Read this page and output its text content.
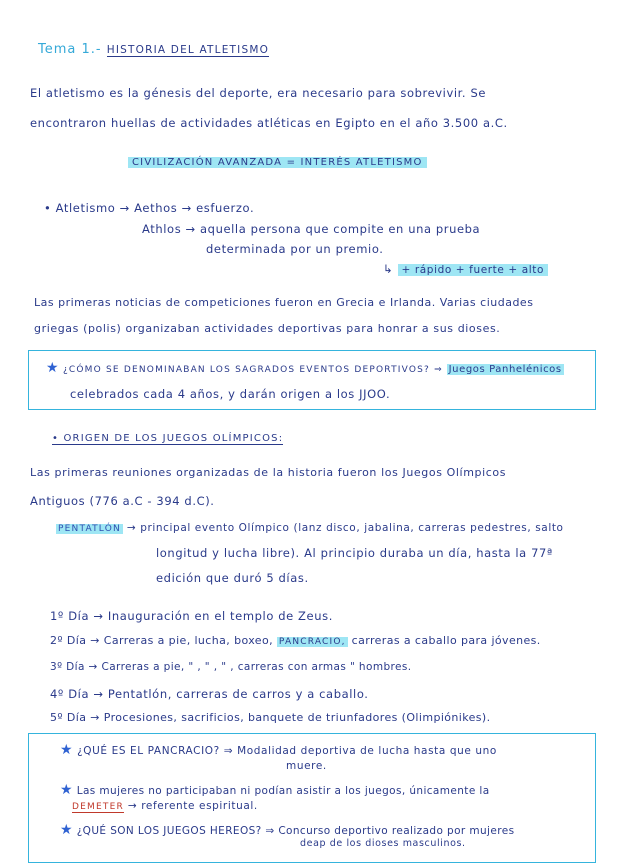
Tema 1.- HISTORIA DEL ATLETISMO
El atletismo es la génesis del deporte, era necesario para sobrevivir. Se
encontraron huellas de actividades atléticas en Egipto en el año 3.500 a.C.
CIVILIZACIÓN AVANZADA = INTERÉS ATLETISMO
• Atletismo → Aethos → esfuerzo.
Athlos → aquella persona que compite en una prueba
determinada por un premio.
↳ + rápido + fuerte + alto
Las primeras noticias de competiciones fueron en Grecia e Irlanda. Varias ciudades
griegas (polis) organizaban actividades deportivas para honrar a sus dioses.
★ ¿CÓMO SE DENOMINABAN LOS SAGRADOS EVENTOS DEPORTIVOS? ⇒ Juegos Panhelénicos
celebrados cada 4 años, y darán origen a los JJOO.
• ORIGEN DE LOS JUEGOS OLÍMPICOS:
Las primeras reuniones organizadas de la historia fueron los Juegos Olímpicos
Antiguos (776 a.C - 394 d.C).
PENTATLÓN → principal evento Olímpico (lanz disco, jabalina, carreras pedestres, salto
longitud y lucha libre). Al principio duraba un día, hasta la 77ª
edición que duró 5 días.
1º Día → Inauguración en el templo de Zeus.
2º Día → Carreras a pie, lucha, boxeo, PANCRACIO, carreras a caballo para jóvenes.
3º Día → Carreras a pie, " , " , " , carreras con armas " hombres.
4º Día → Pentatlón, carreras de carros y a caballo.
5º Día → Procesiones, sacrificios, banquete de triunfadores (Olimpiónikes).
★ ¿QUÉ ES EL PANCRACIO? ⇒ Modalidad deportiva de lucha hasta que uno
muere.
★ Las mujeres no participaban ni podían asistir a los juegos, únicamente la
DEMETER → referente espiritual.
★ ¿QUÉ SON LOS JUEGOS HEREOS? ⇒ Concurso deportivo realizado por mujeres
deap de los dioses masculinos.
